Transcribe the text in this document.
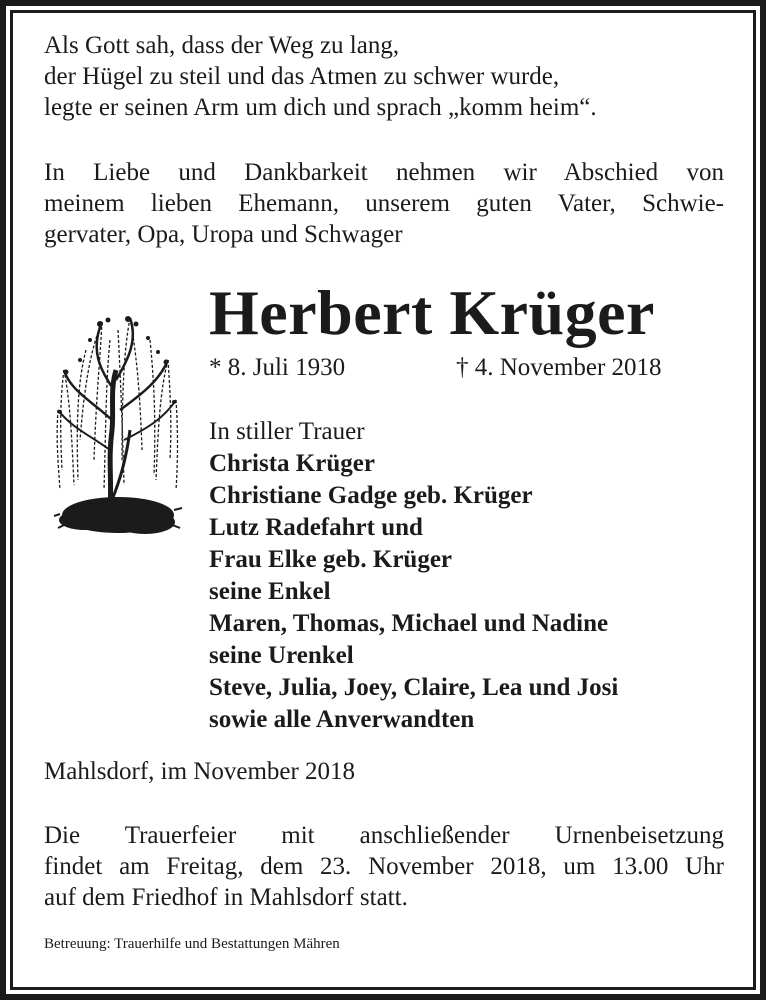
Als Gott sah, dass der Weg zu lang,

der Hügel zu steil und das Atmen zu schwer wurde,

legte er seinen Arm um dich und sprach „komm heim“.

In Liebe und Dankbarkeit nehmen wir Abschied von
meinem lieben Ehemann, unserem guten Vater, Schwie-
gervater, Opa, Uropa und Schwager
Herbert Krüger
* 8. Juli 1930	† 4. November 2018
In stiller Trauer
Christa Krüger
Christiane Gadge geb. Krüger
Lutz Radefahrt und
Frau Elke geb. Krüger
seine Enkel
Maren, Thomas, Michael und Nadine
seine Urenkel
Steve, Julia, Joey, Claire, Lea und Josi
sowie alle Anverwandten
Mahlsdorf, im November 2018
Die Trauerfeier mit anschließender Urnenbeisetzung
findet am Freitag, dem 23. November 2018, um 13.00 Uhr
auf dem Friedhof in Mahlsdorf statt.
Betreuung: Trauerhilfe und Bestattungen Mähren
